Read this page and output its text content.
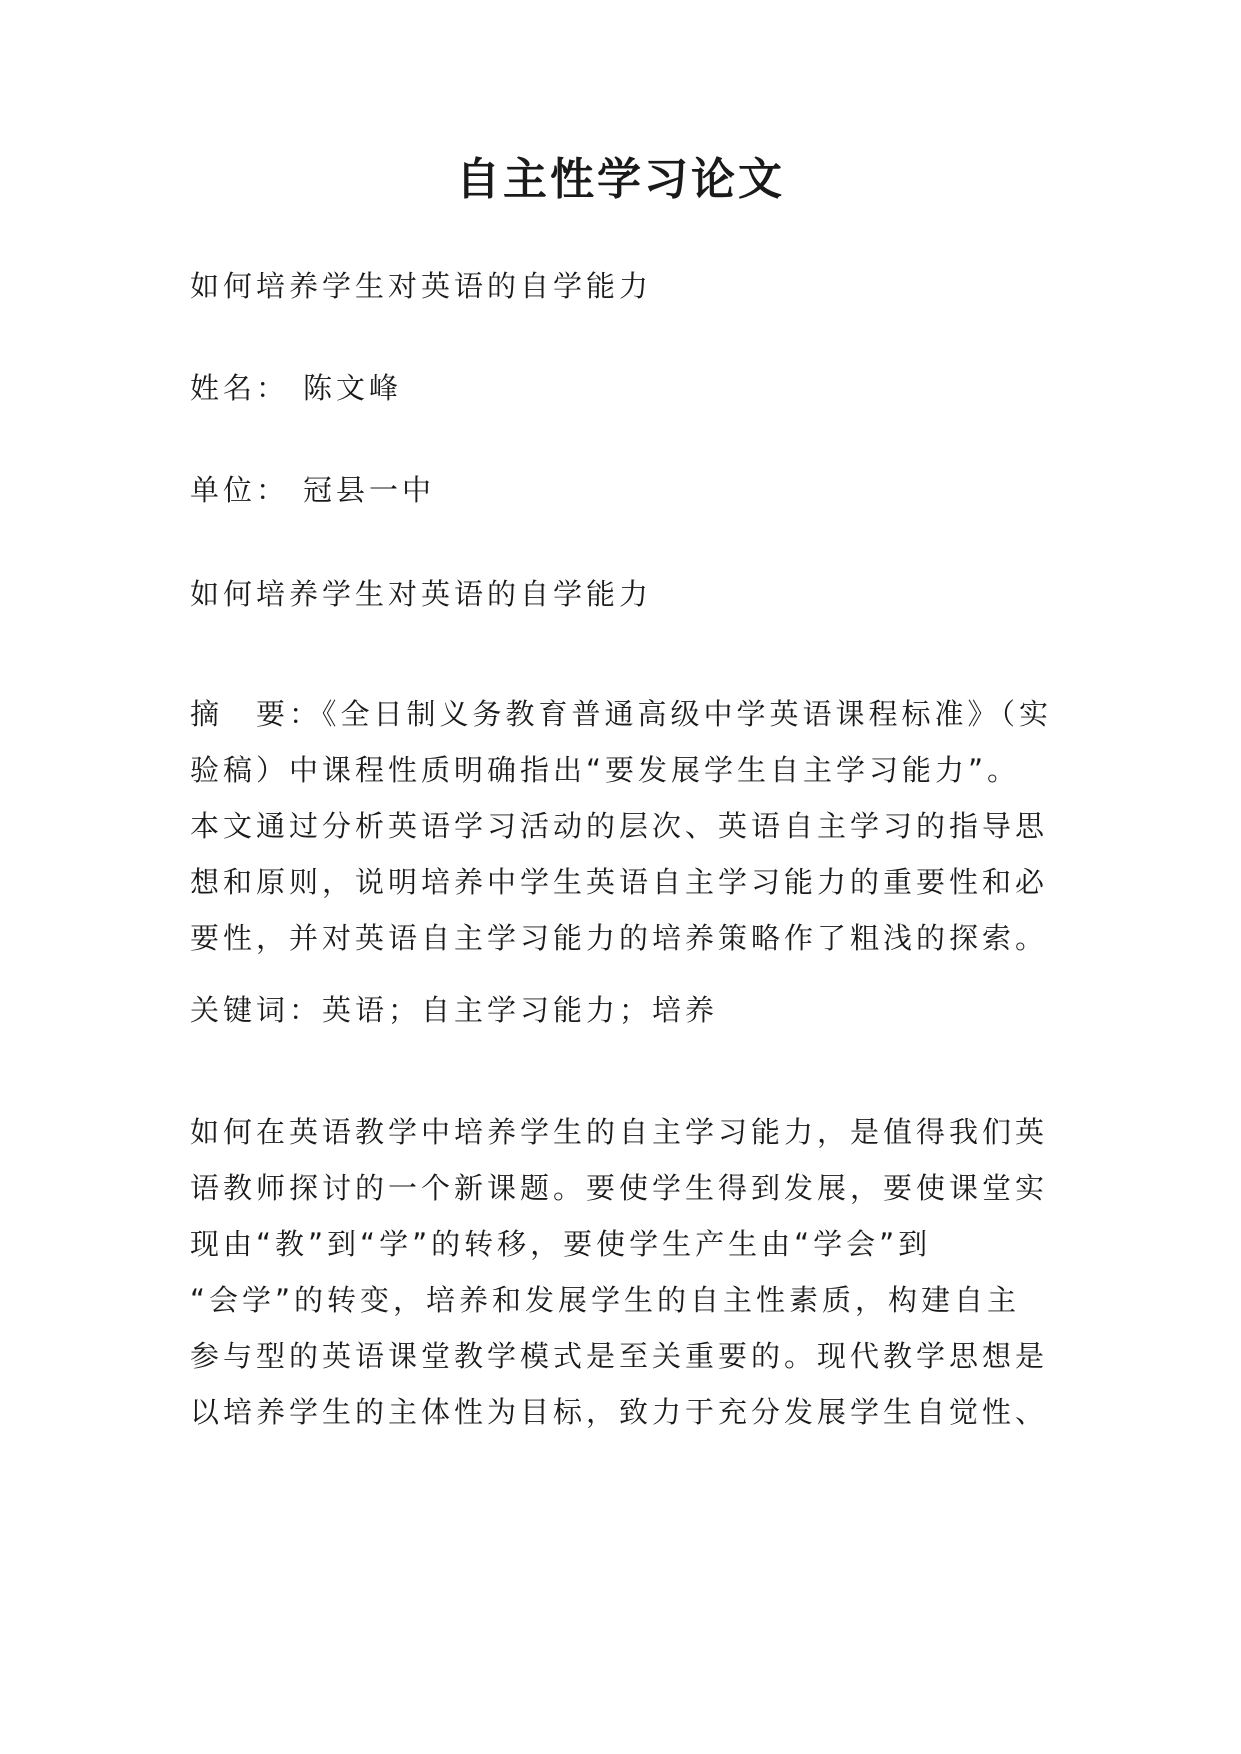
自主性学习论文

如何培养学生对英语的自学能力

姓名： 陈文峰

单位： 冠县一中

如何培养学生对英语的自学能力

摘　要：《全日制义务教育普通高级中学英语课程标准》（实
验稿）中课程性质明确指出“要发展学生自主学习能力”。
本文通过分析英语学习活动的层次、英语自主学习的指导思
想和原则，说明培养中学生英语自主学习能力的重要性和必
要性，并对英语自主学习能力的培养策略作了粗浅的探索。

关键词：英语；自主学习能力；培养

如何在英语教学中培养学生的自主学习能力，是值得我们英
语教师探讨的一个新课题。要使学生得到发展，要使课堂实
现由“教”到“学”的转移，要使学生产生由“学会”到
“会学”的转变，培养和发展学生的自主性素质，构建自主
参与型的英语课堂教学模式是至关重要的。现代教学思想是
以培养学生的主体性为目标，致力于充分发展学生自觉性、
